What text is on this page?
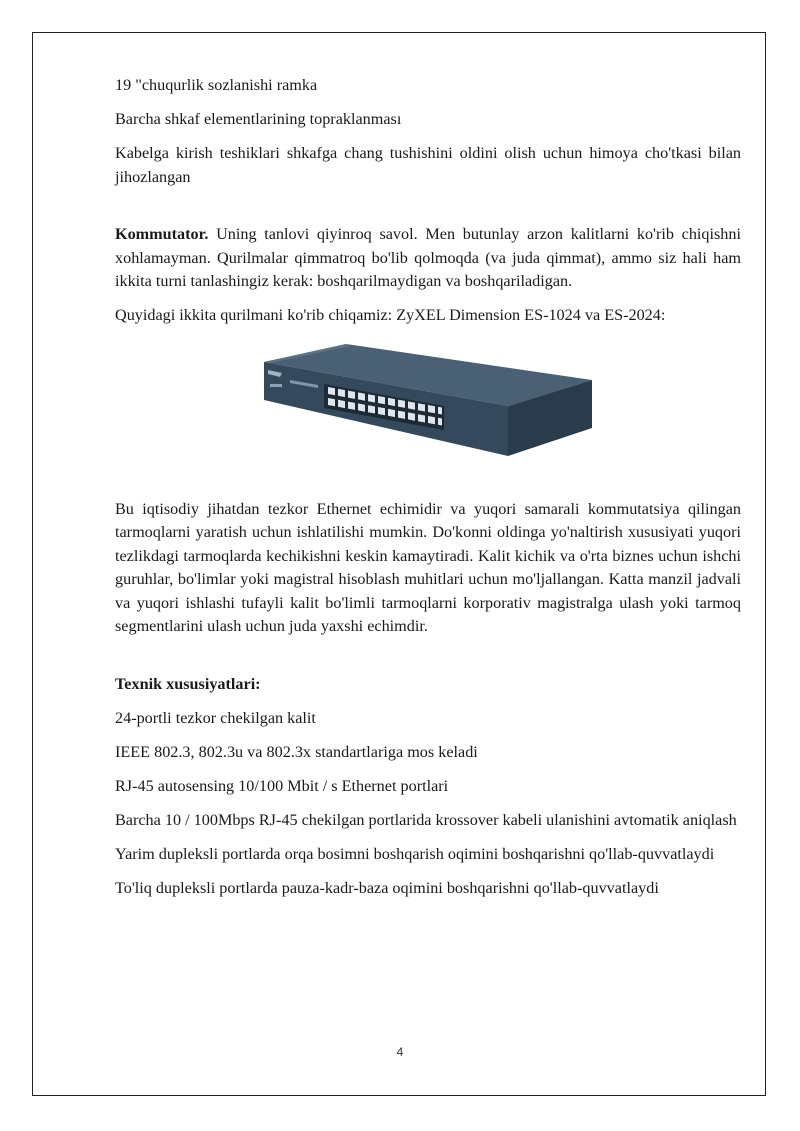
19 "chuqurlik sozlanishi ramka

Barcha shkaf elementlarining topraklanması

Kabelga kirish teshiklari shkafga chang tushishini oldini olish uchun himoya cho'tkasi bilan jihozlangan

Kommutator. Uning tanlovi qiyinroq savol. Men butunlay arzon kalitlarni ko'rib chiqishni xohlamayman. Qurilmalar qimmatroq bo'lib qolmoqda (va juda qimmat), ammo siz hali ham ikkita turni tanlashingiz kerak: boshqarilmaydigan va boshqariladigan.

Quyidagi ikkita qurilmani ko'rib chiqamiz: ZyXEL Dimension ES-1024 va ES-2024:

Bu iqtisodiy jihatdan tezkor Ethernet echimidir va yuqori samarali kommutatsiya qilingan tarmoqlarni yaratish uchun ishlatilishi mumkin. Do'konni oldinga yo'naltirish xususiyati yuqori tezlikdagi tarmoqlarda kechikishni keskin kamaytiradi. Kalit kichik va o'rta biznes uchun ishchi guruhlar, bo'limlar yoki magistral hisoblash muhitlari uchun mo'ljallangan. Katta manzil jadvali va yuqori ishlashi tufayli kalit bo'limli tarmoqlarni korporativ magistralga ulash yoki tarmoq segmentlarini ulash uchun juda yaxshi echimdir.

Texnik xususiyatlari:

24-portli tezkor chekilgan kalit

IEEE 802.3, 802.3u va 802.3x standartlariga mos keladi

RJ-45 autosensing 10/100 Mbit / s Ethernet portlari

Barcha 10 / 100Mbps RJ-45 chekilgan portlarida krossover kabeli ulanishini avtomatik aniqlash

Yarim dupleksli portlarda orqa bosimni boshqarish oqimini boshqarishni qo'llab-quvvatlaydi

To'liq dupleksli portlarda pauza-kadr-baza oqimini boshqarishni qo'llab-quvvatlaydi

4
